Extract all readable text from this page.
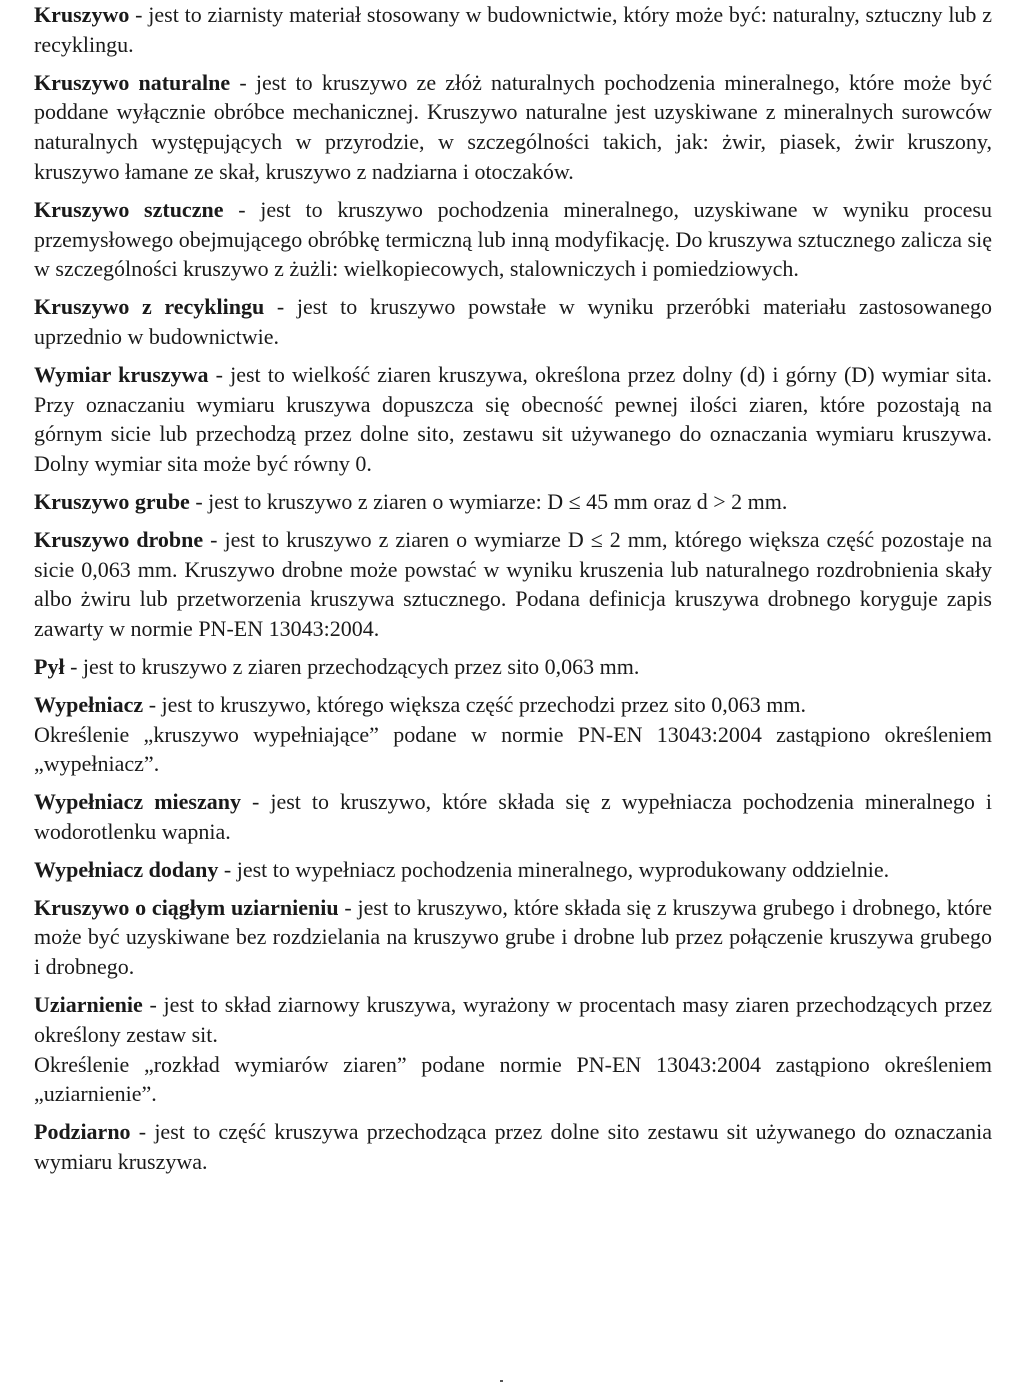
Kruszywo - jest to ziarnisty materiał stosowany w budownictwie, który może być: naturalny, sztuczny lub z recyklingu.

Kruszywo naturalne - jest to kruszywo ze złóż naturalnych pochodzenia mineralnego, które może być poddane wyłącznie obróbce mechanicznej. Kruszywo naturalne jest uzyskiwane z mineralnych surowców naturalnych występujących w przyrodzie, w szczególności takich, jak: żwir, piasek, żwir kruszony, kruszywo łamane ze skał, kruszywo z nadziarna i otoczaków.

Kruszywo sztuczne - jest to kruszywo pochodzenia mineralnego, uzyskiwane w wyniku procesu przemysłowego obejmującego obróbkę termiczną lub inną modyfikację. Do kruszywa sztucznego zalicza się w szczególności kruszywo z żużli: wielkopiecowych, stalowniczych i pomiedziowych.

Kruszywo z recyklingu - jest to kruszywo powstałe w wyniku przeróbki materiału zastosowanego uprzednio w budownictwie.

Wymiar kruszywa - jest to wielkość ziaren kruszywa, określona przez dolny (d) i górny (D) wymiar sita. Przy oznaczaniu wymiaru kruszywa dopuszcza się obecność pewnej ilości ziaren, które pozostają na górnym sicie lub przechodzą przez dolne sito, zestawu sit używanego do oznaczania wymiaru kruszywa. Dolny wymiar sita może być równy 0.

Kruszywo grube - jest to kruszywo z ziaren o wymiarze: D ≤ 45 mm oraz d > 2 mm.

Kruszywo drobne - jest to kruszywo z ziaren o wymiarze D ≤ 2 mm, którego większa część pozostaje na sicie 0,063 mm. Kruszywo drobne może powstać w wyniku kruszenia lub naturalnego rozdrobnienia skały albo żwiru lub przetworzenia kruszywa sztucznego. Podana definicja kruszywa drobnego koryguje zapis zawarty w normie PN-EN 13043:2004.

Pył - jest to kruszywo z ziaren przechodzących przez sito 0,063 mm.

Wypełniacz - jest to kruszywo, którego większa część przechodzi przez sito 0,063 mm.
Określenie „kruszywo wypełniające” podane w normie PN-EN 13043:2004 zastąpiono określeniem „wypełniacz”.

Wypełniacz mieszany - jest to kruszywo, które składa się z wypełniacza pochodzenia mineralnego i wodorotlenku wapnia.

Wypełniacz dodany - jest to wypełniacz pochodzenia mineralnego, wyprodukowany oddzielnie.

Kruszywo o ciągłym uziarnieniu - jest to kruszywo, które składa się z kruszywa grubego i drobnego, które może być uzyskiwane bez rozdzielania na kruszywo grube i drobne lub przez połączenie kruszywa grubego i drobnego.

Uziarnienie - jest to skład ziarnowy kruszywa, wyrażony w procentach masy ziaren przechodzących przez określony zestaw sit.
Określenie „rozkład wymiarów ziaren” podane normie PN-EN 13043:2004 zastąpiono określeniem „uziarnienie”.

Podziarno - jest to część kruszywa przechodząca przez dolne sito zestawu sit używanego do oznaczania wymiaru kruszywa.
